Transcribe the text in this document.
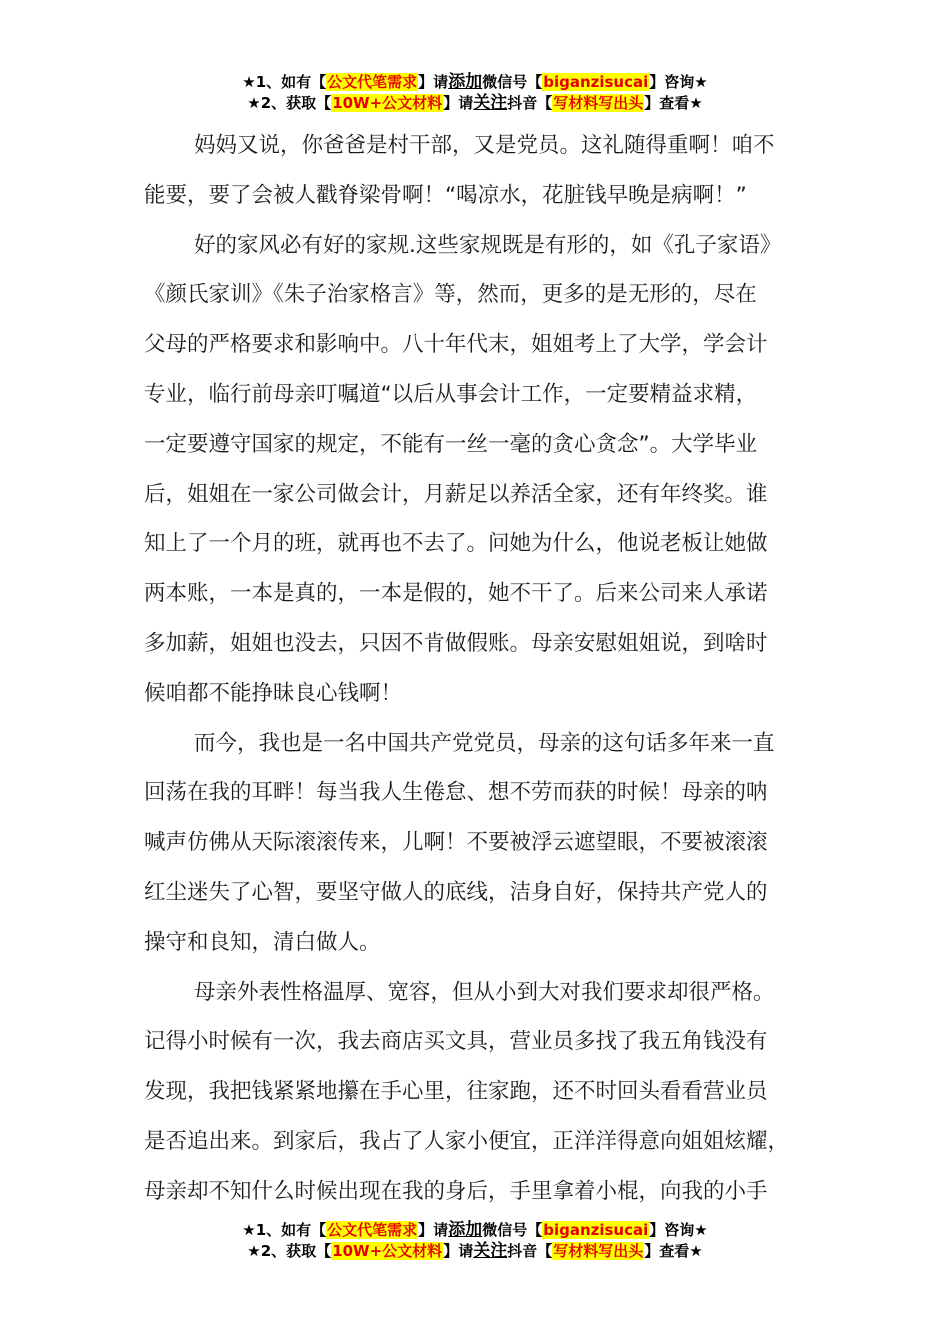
★1、如有【公文代笔需求】请添加微信号【biganzisucai】咨询★
★2、获取【10W+公文材料】请关注抖音【写材料写出头】查看★
妈妈又说，你爸爸是村干部，又是党员。这礼随得重啊！咱不
能要，要了会被人戳脊梁骨啊！“喝凉水，花脏钱早晚是病啊！”
好的家风必有好的家规.这些家规既是有形的，如《孔子家语》
《颜氏家训》《朱子治家格言》等，然而，更多的是无形的，尽在
父母的严格要求和影响中。八十年代末，姐姐考上了大学，学会计
专业，临行前母亲叮嘱道“以后从事会计工作，一定要精益求精，
一定要遵守国家的规定，不能有一丝一毫的贪心贪念”。大学毕业
后，姐姐在一家公司做会计，月薪足以养活全家，还有年终奖。谁
知上了一个月的班，就再也不去了。问她为什么，他说老板让她做
两本账，一本是真的，一本是假的，她不干了。后来公司来人承诺
多加薪，姐姐也没去，只因不肯做假账。母亲安慰姐姐说，到啥时
候咱都不能挣昧良心钱啊！
而今，我也是一名中国共产党党员，母亲的这句话多年来一直
回荡在我的耳畔！每当我人生倦怠、想不劳而获的时候！母亲的呐
喊声仿佛从天际滚滚传来，儿啊！不要被浮云遮望眼，不要被滚滚
红尘迷失了心智，要坚守做人的底线，洁身自好，保持共产党人的
操守和良知，清白做人。
母亲外表性格温厚、宽容，但从小到大对我们要求却很严格。
记得小时候有一次，我去商店买文具，营业员多找了我五角钱没有
发现，我把钱紧紧地攥在手心里，往家跑，还不时回头看看营业员
是否追出来。到家后，我占了人家小便宜，正洋洋得意向姐姐炫耀，
母亲却不知什么时候出现在我的身后，手里拿着小棍，向我的小手
★1、如有【公文代笔需求】请添加微信号【biganzisucai】咨询★
★2、获取【10W+公文材料】请关注抖音【写材料写出头】查看★
